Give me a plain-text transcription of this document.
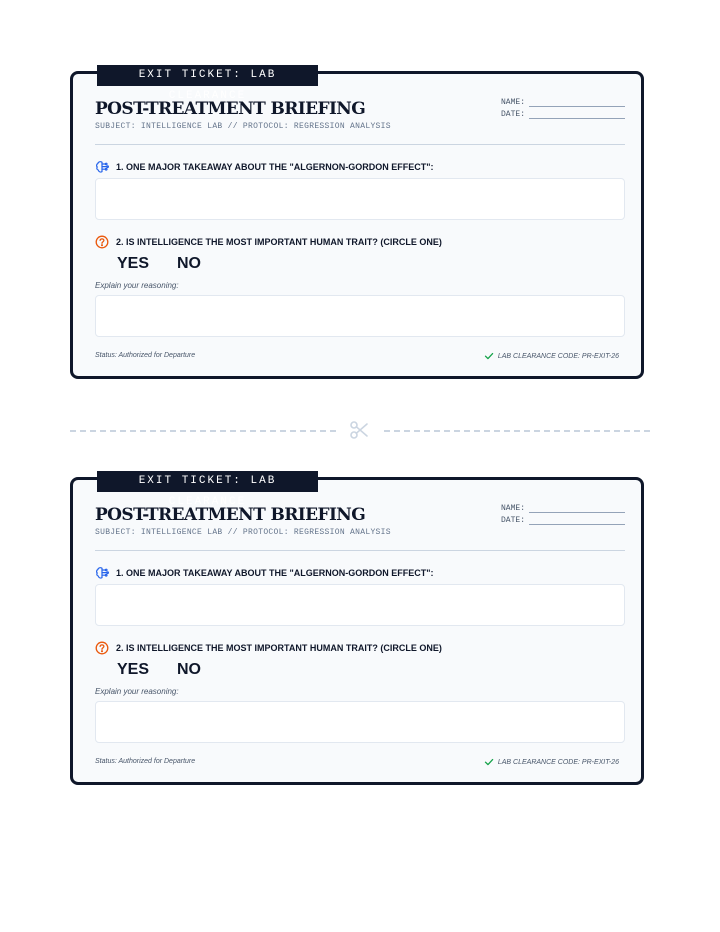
EXIT TICKET: LAB CLEARANCE
POST-TREATMENT BRIEFING
SUBJECT: INTELLIGENCE LAB // PROTOCOL: REGRESSION ANALYSIS
NAME:
DATE:
1. ONE MAJOR TAKEAWAY ABOUT THE "ALGERNON-GORDON EFFECT":
2. IS INTELLIGENCE THE MOST IMPORTANT HUMAN TRAIT? (CIRCLE ONE)
YES NO
Explain your reasoning:
Status: Authorized for Departure	LAB CLEARANCE CODE: PR-EXIT-26
EXIT TICKET: LAB CLEARANCE
POST-TREATMENT BRIEFING
SUBJECT: INTELLIGENCE LAB // PROTOCOL: REGRESSION ANALYSIS
NAME:
DATE:
1. ONE MAJOR TAKEAWAY ABOUT THE "ALGERNON-GORDON EFFECT":
2. IS INTELLIGENCE THE MOST IMPORTANT HUMAN TRAIT? (CIRCLE ONE)
YES NO
Explain your reasoning:
Status: Authorized for Departure	LAB CLEARANCE CODE: PR-EXIT-26
